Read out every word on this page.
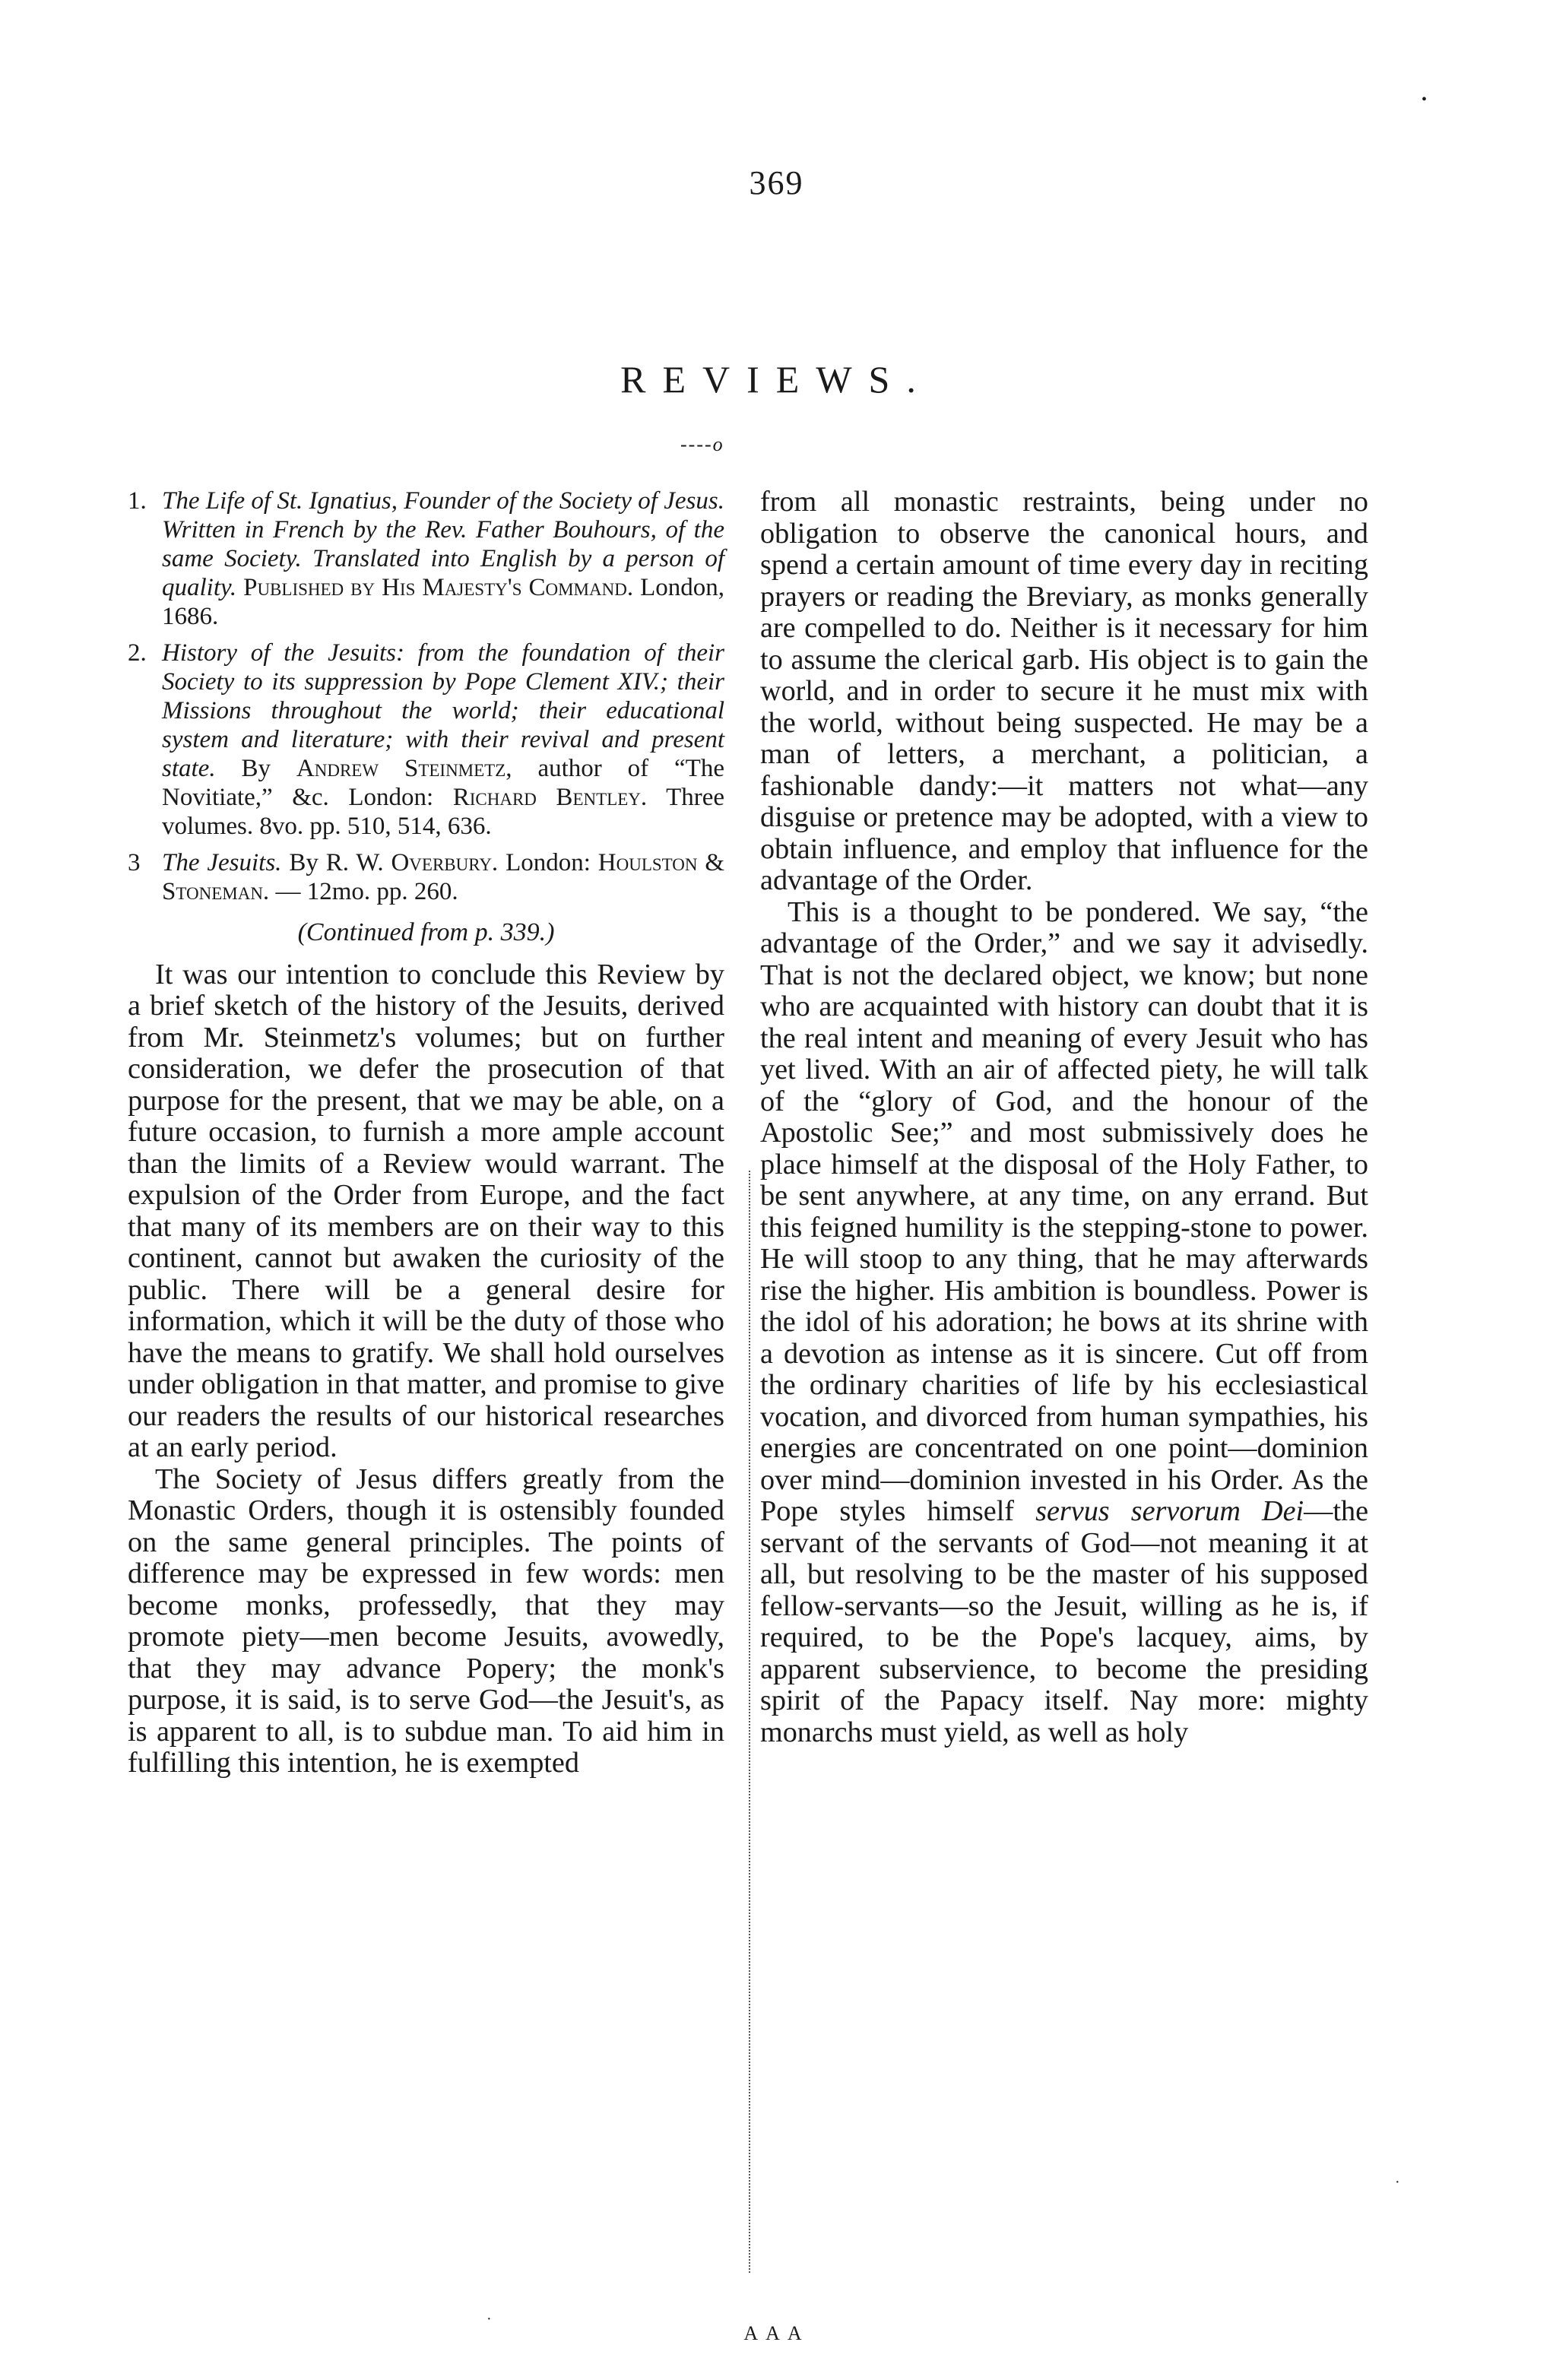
369
REVIEWS.
----o
1. The Life of St. Ignatius, Founder of the Society of Jesus. Written in French by the Rev. Father Bouhours, of the same Society. Translated into English by a person of quality. Published by His Majesty's Command. London, 1686.
2. History of the Jesuits: from the foundation of their Society to its suppression by Pope Clement XIV.; their Missions throughout the world; their educational system and literature; with their revival and present state. By Andrew Steinmetz, author of “The Novitiate,” &c. London: Richard Bentley. Three volumes. 8vo. pp. 510, 514, 636.
3 The Jesuits. By R. W. Overbury. London: Houlston & Stoneman. — 12mo. pp. 260.
(Continued from p. 339.)

It was our intention to conclude this Review by a brief sketch of the history of the Jesuits, derived from Mr. Steinmetz's volumes; but on further consideration, we defer the prosecution of that purpose for the present, that we may be able, on a future occasion, to furnish a more ample account than the limits of a Review would warrant. The expulsion of the Order from Europe, and the fact that many of its members are on their way to this continent, cannot but awaken the curiosity of the public. There will be a general desire for information, which it will be the duty of those who have the means to gratify. We shall hold ourselves under obligation in that matter, and promise to give our readers the results of our historical researches at an early period.

The Society of Jesus differs greatly from the Monastic Orders, though it is ostensibly founded on the same general principles. The points of difference may be expressed in few words: men become monks, professedly, that they may promote piety—men become Jesuits, avowedly, that they may advance Popery; the monk's purpose, it is said, is to serve God—the Jesuit's, as is apparent to all, is to subdue man. To aid him in fulfilling this intention, he is exempted

from all monastic restraints, being under no obligation to observe the canonical hours, and spend a certain amount of time every day in reciting prayers or reading the Breviary, as monks generally are compelled to do. Neither is it necessary for him to assume the clerical garb. His object is to gain the world, and in order to secure it he must mix with the world, without being suspected. He may be a man of letters, a merchant, a politician, a fashionable dandy:—it matters not what—any disguise or pretence may be adopted, with a view to obtain influence, and employ that influence for the advantage of the Order.

This is a thought to be pondered. We say, “the advantage of the Order,” and we say it advisedly. That is not the declared object, we know; but none who are acquainted with history can doubt that it is the real intent and meaning of every Jesuit who has yet lived. With an air of affected piety, he will talk of the “glory of God, and the honour of the Apostolic See;” and most submissively does he place himself at the disposal of the Holy Father, to be sent anywhere, at any time, on any errand. But this feigned humility is the stepping-stone to power. He will stoop to any thing, that he may afterwards rise the higher. His ambition is boundless. Power is the idol of his adoration; he bows at its shrine with a devotion as intense as it is sincere. Cut off from the ordinary charities of life by his ecclesiastical vocation, and divorced from human sympathies, his energies are concentrated on one point—dominion over mind—dominion invested in his Order. As the Pope styles himself servus servorum Dei—the servant of the servants of God—not meaning it at all, but resolving to be the master of his supposed fellow-servants—so the Jesuit, willing as he is, if required, to be the Pope's lacquey, aims, by apparent subservience, to become the presiding spirit of the Papacy itself. Nay more: mighty monarchs must yield, as well as holy

AAA
•
·
·
